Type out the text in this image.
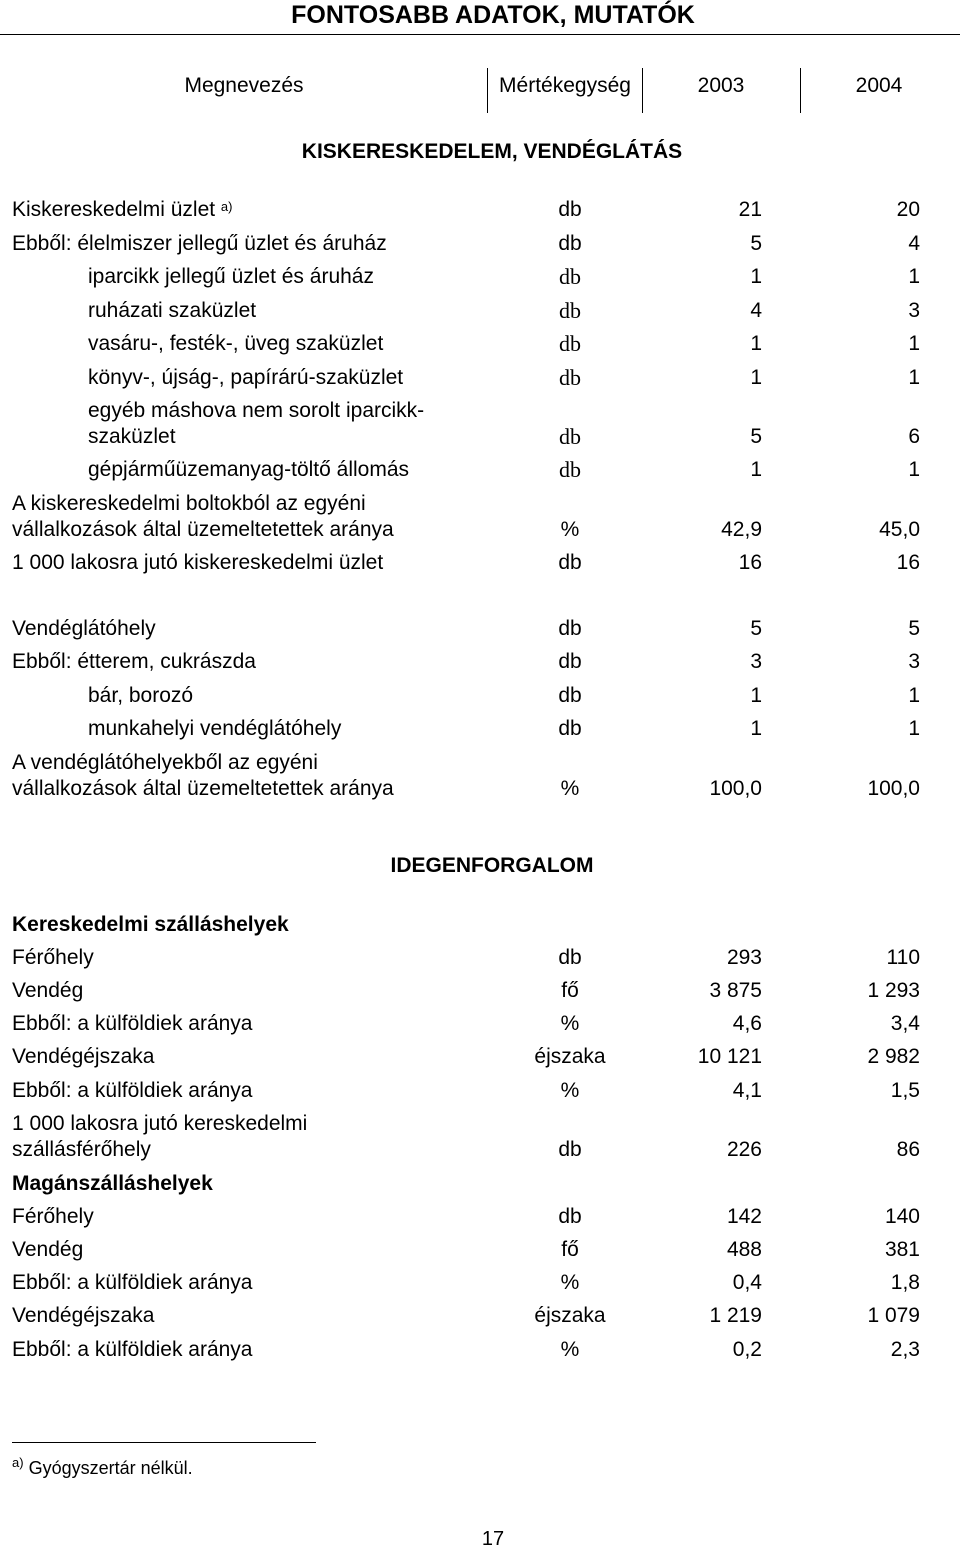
FONTOSABB ADATOK, MUTATÓK
Megnevezés	Mértékegység	2003	2004
KISKERESKEDELEM, VENDÉGLÁTÁS
Kiskereskedelmi üzlet $^{a)}$	db	21	20
Ebből: élelmiszer jellegű üzlet és áruház	db	5	4
iparcikk jellegű üzlet és áruház	db	1	1
ruházati szaküzlet	db	4	3
vasáru-, festék-, üveg szaküzlet	db	1	1
könyv-, újság-, papírárú-szaküzlet	db	1	1
egyéb máshova nem sorolt iparcikk-
szaküzlet	db	5	6
gépjárműüzemanyag-töltő állomás	db	1	1
A kiskereskedelmi boltokból az egyéni
vállalkozások által üzemeltetettek aránya	%	42,9	45,0
1 000 lakosra jutó kiskereskedelmi üzlet	db	16	16
Vendéglátóhely	db	5	5
Ebből: étterem, cukrászda	db	3	3
bár, borozó	db	1	1
munkahelyi vendéglátóhely	db	1	1
A vendéglátóhelyekből az egyéni
vállalkozások által üzemeltetettek aránya	%	100,0	100,0
IDEGENFORGALOM
Kereskedelmi szálláshelyek
Férőhely	db	293	110
Vendég	fő	3 875	1 293
Ebből: a külföldiek aránya	%	4,6	3,4
Vendégéjszaka	éjszaka	10 121	2 982
Ebből: a külföldiek aránya	%	4,1	1,5
1 000 lakosra jutó kereskedelmi
szállásférőhely	db	226	86
Magánszálláshelyek
Férőhely	db	142	140
Vendég	fő	488	381
Ebből: a külföldiek aránya	%	0,4	1,8
Vendégéjszaka	éjszaka	1 219	1 079
Ebből: a külföldiek aránya	%	0,2	2,3
$^{a)}$ Gyógyszertár nélkül.
17
